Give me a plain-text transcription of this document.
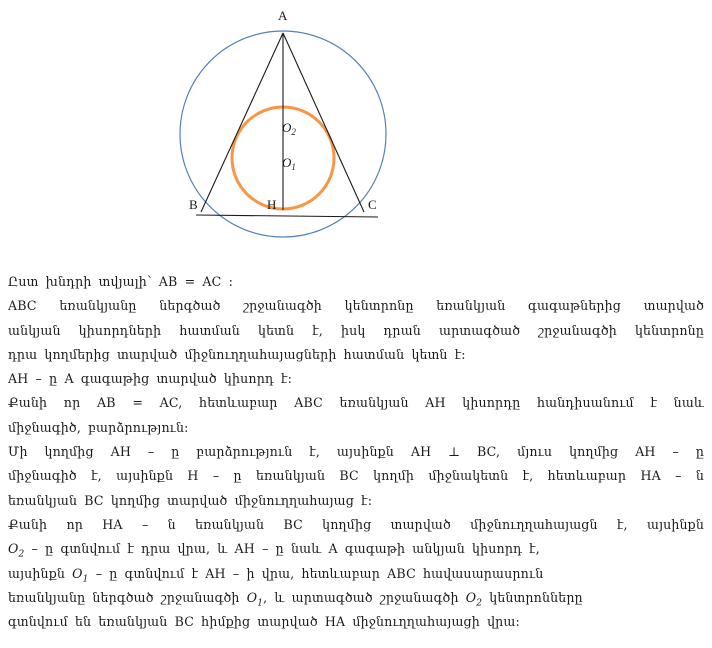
A
B	C
H
$O_2$
$O_1$
Ըստ խնդրի տվյալի՝ AB = AC :
ABC եռանկյանը ներգծած շրջանագծի կենտրոնը եռանկյան գագաթներից տարված
անկյան կիսորդների հատման կետն է, իսկ դրան արտագծած շրջանագծի կենտրոնը
դրա կողմերից տարված միջնուղղահայացների հատման կետն է:
AH – ը A գագաթից տարված կիսորդ է:
Քանի որ AB = AC, հետևաբար ABC եռանկյան AH կիսորդը հանդիսանում է նաև
միջնագիծ, բարձրություն:
Մի կողմից AH – ը բարձրություն է, այսինքն AH ⊥ BC, մյուս կողմից AH – ը
միջնագիծ է, այսինքն H – ը եռանկյան BC կողմի միջնակետն է, հետևաբար HA – ն
եռանկյան BC կողմից տարված միջնուղղահայաց է:
Քանի որ HA – ն եռանկյան BC կողմից տարված միջնուղղահայացն է, այսինքն
$O_2$ – ը գտնվում է դրա վրա, և AH – ը նաև A գագաթի անկյան կիսորդ է,
այսինքն $O_1$ – ը գտնվում է AH – ի վրա, հետևաբար ABC հավասարասրուն
եռանկյանը ներգծած շրջանագծի $O_1$, և արտագծած շրջանագծի $O_2$ կենտրոնները
գտնվում են եռանկյան BC հիմքից տարված HA միջնուղղահայացի վրա:
